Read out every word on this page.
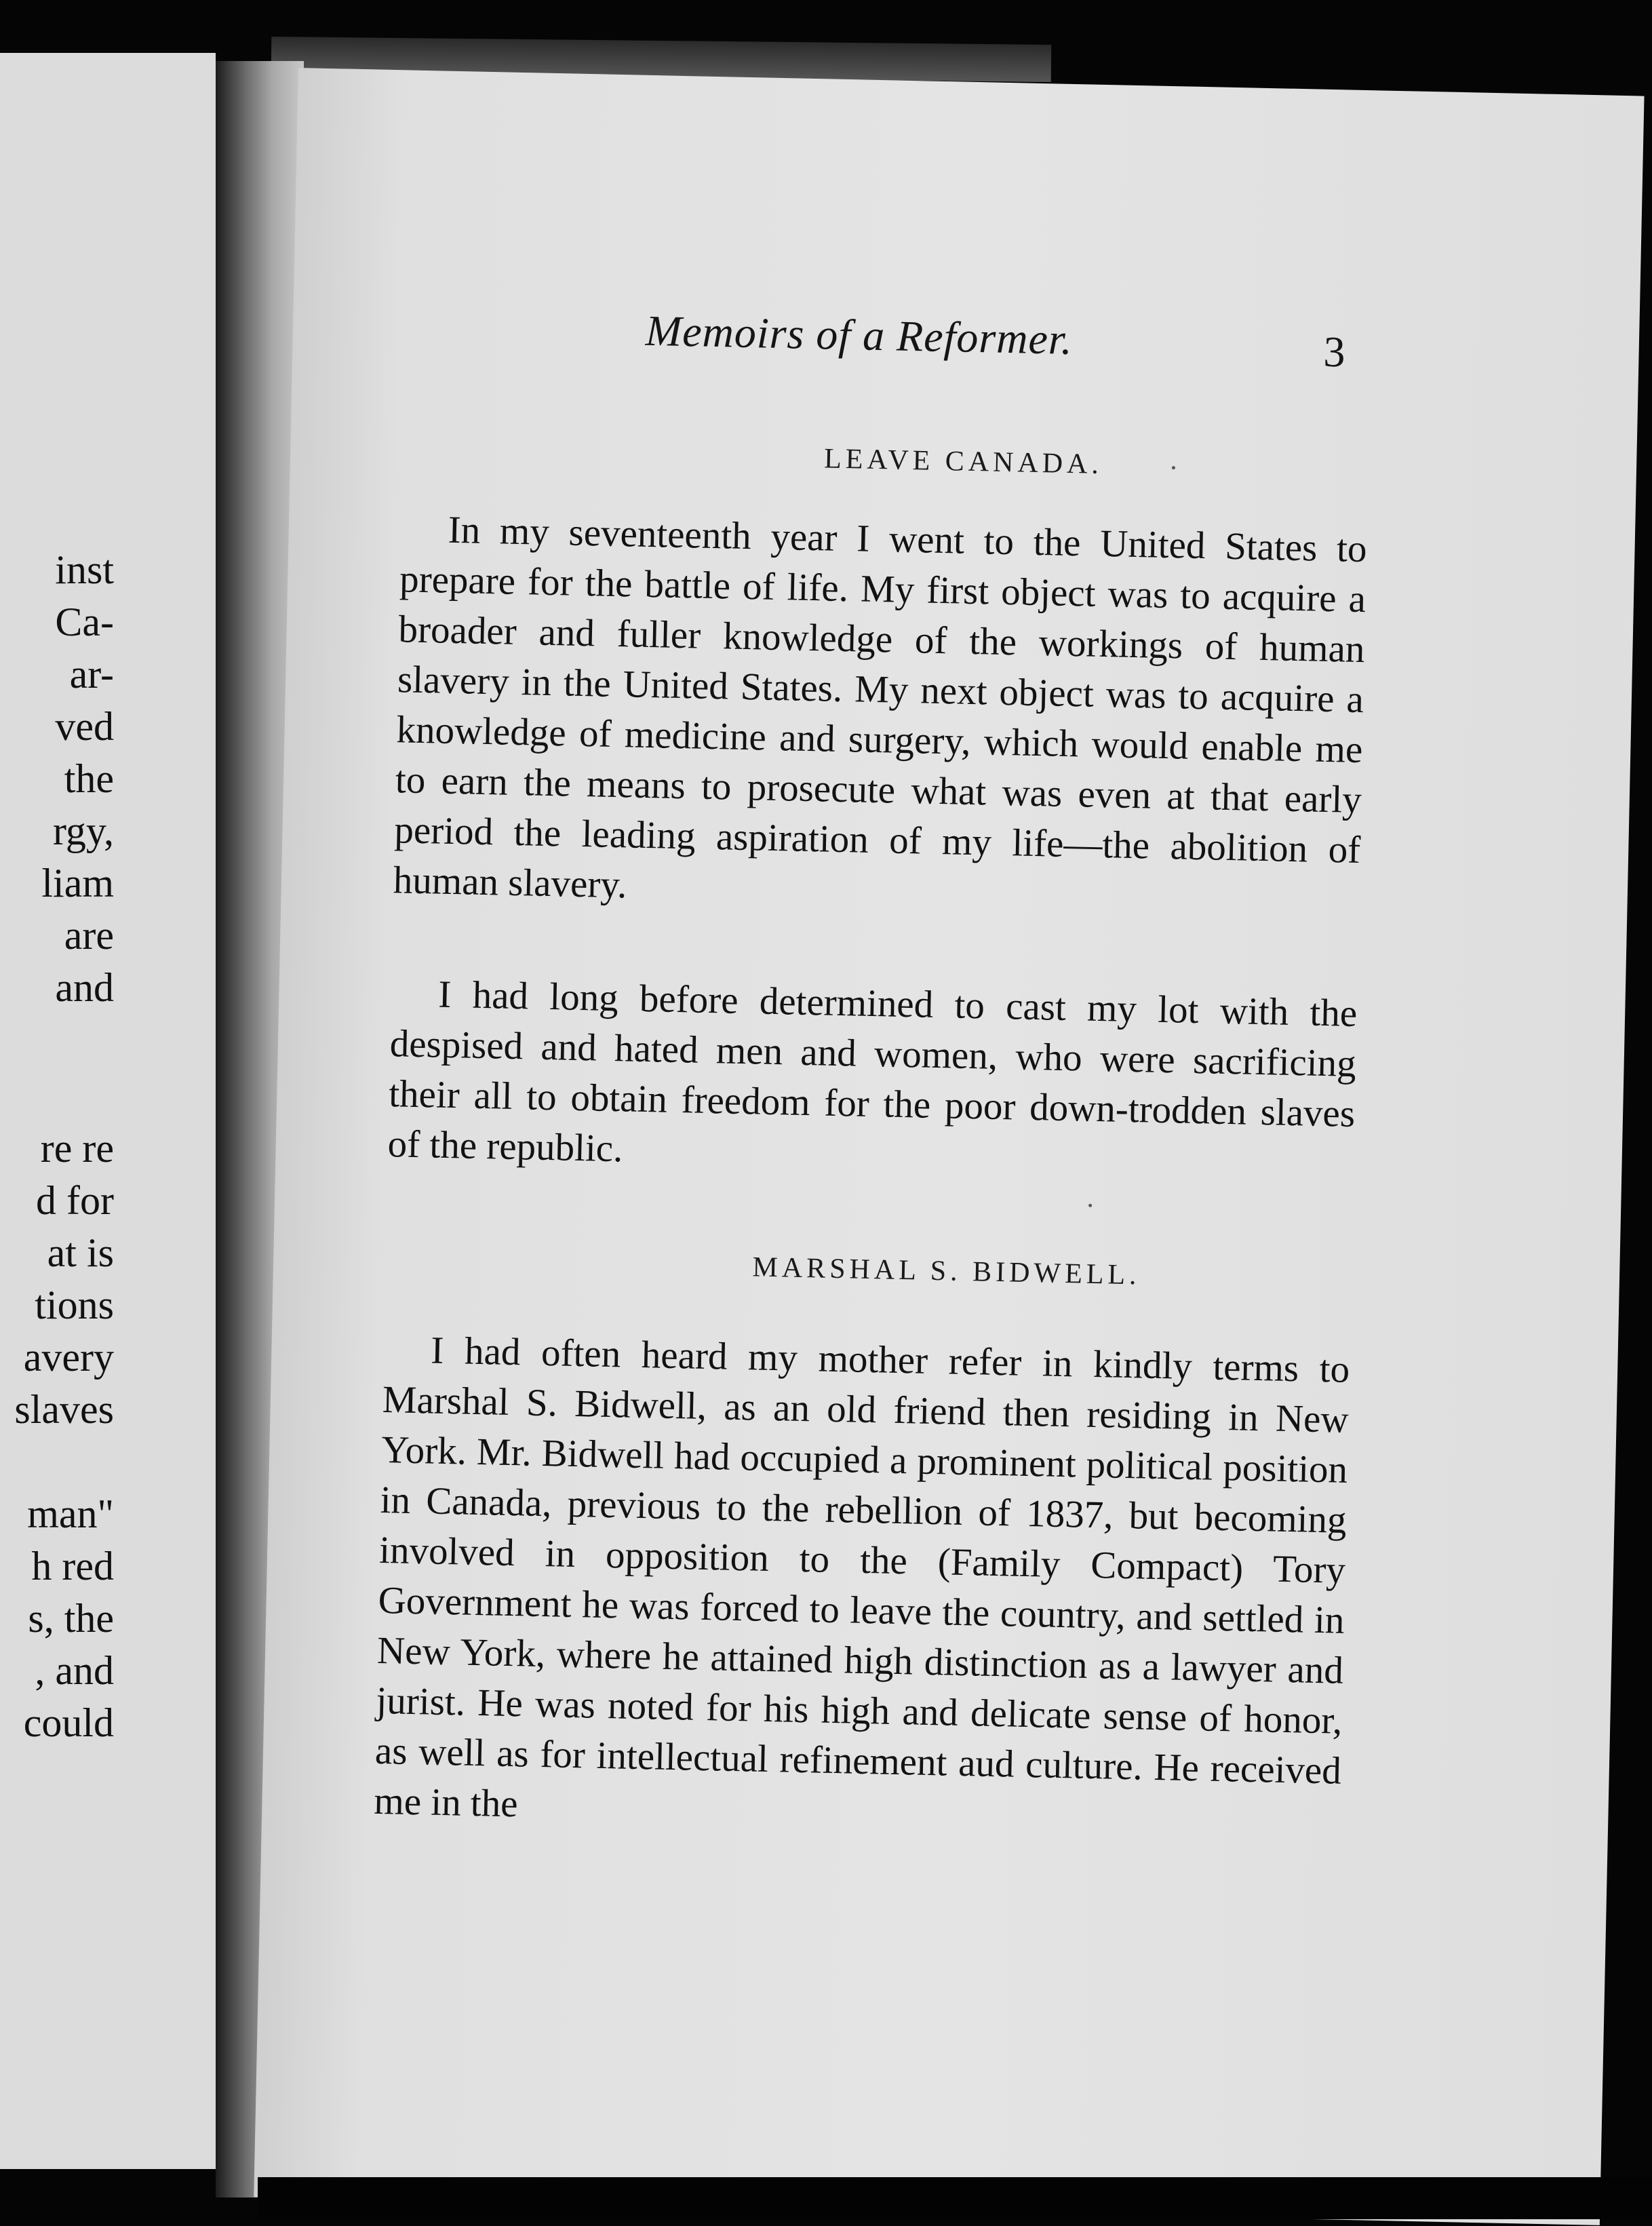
inst
Ca-
ar-
ved
the
rgy,
liam
are
and
re re
d for
at is
tions
avery
slaves
man"
h red
s, the
, and
could
Memoirs of a Reformer.	3
LEAVE CANADA.

In my seventeenth year I went to the United States to prepare for the battle of life. My first object was to acquire a broader and fuller knowledge of the workings of human slavery in the United States. My next object was to acquire a knowledge of medicine and surgery, which would enable me to earn the means to prosecute what was even at that early period the leading aspiration of my life—the abolition of human slavery.

I had long before determined to cast my lot with the despised and hated men and women, who were sacrificing their all to obtain freedom for the poor down-trodden slaves of the republic.

MARSHAL S. BIDWELL.

I had often heard my mother refer in kindly terms to Marshal S. Bidwell, as an old friend then residing in New York. Mr. Bidwell had occupied a prominent political position in Canada, previous to the rebellion of 1837, but becoming involved in opposition to the (Family Compact) Tory Government he was forced to leave the country, and settled in New York, where he attained high distinction as a lawyer and jurist. He was noted for his high and delicate sense of honor, as well as for intellectual refinement aud culture. He received me in the
